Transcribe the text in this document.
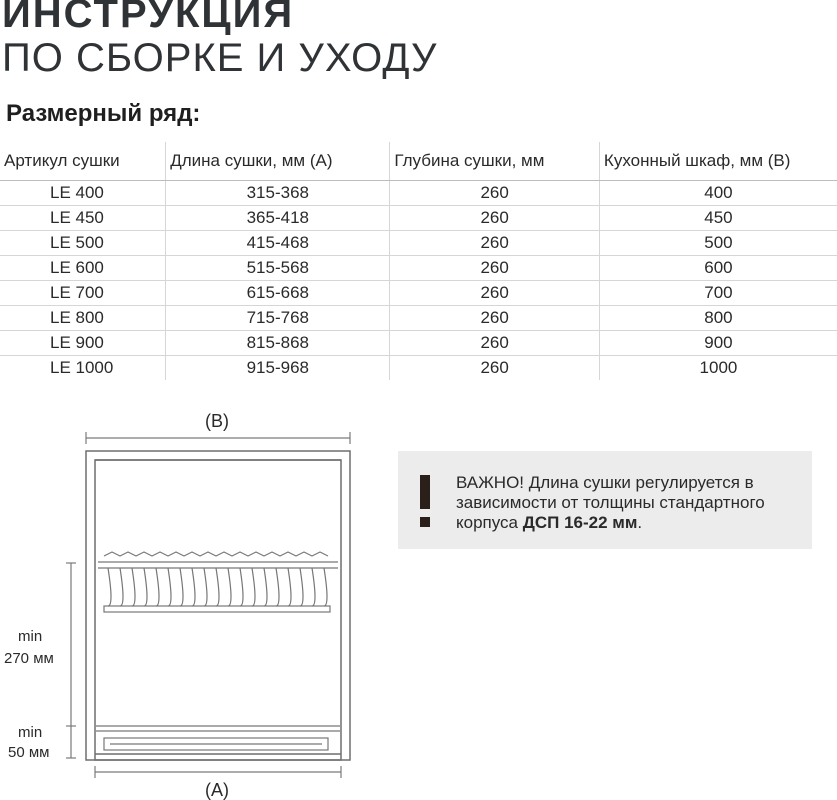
ИНСТРУКЦИЯ
ПО СБОРКЕ И УХОДУ
Размерный ряд:
Артикул сушки	Длина сушки, мм (А)	Глубина сушки, мм	Кухонный шкаф, мм (В)
LE 400	315-368	260	400
LE 450	365-418	260	450
LE 500	415-468	260	500
LE 600	515-568	260	600
LE 700	615-668	260	700
LE 800	715-768	260	800
LE 900	815-868	260	900
LE 1000	915-968	260	1000
(B)
min
270 мм
min
50 мм
(A)
ВАЖНО! Длина сушки регулируется в зависимости от толщины стандартного корпуса ДСП 16-22 мм.
